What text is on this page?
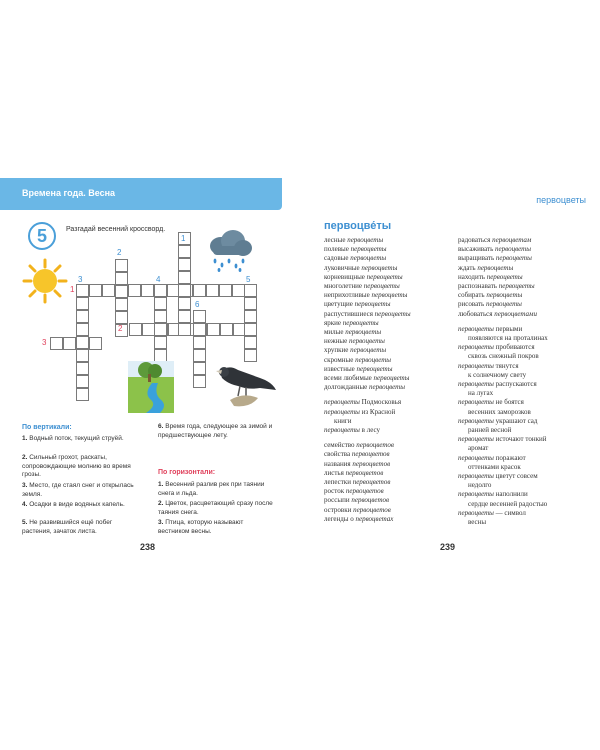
Времена года. Весна
первоцветы
5	Разгадай весенний кроссворд.
1
2
3	4	5
6
1
2
3
По вертикали:
1. Водный поток, текущий струёй.
2. Сильный грохот, раскаты, сопровождающие молнию во время грозы.
3. Место, где стаял снег и открылась земля.
4. Осадки в виде водяных капель.
5. Не развившийся ещё побег растения, зачаток листа.
6. Время года, следующее за зимой и предшествующее лету.
По горизонтали:
1. Весенний разлив рек при таянии снега и льда.
2. Цветок, расцветающий сразу после таяния снега.
3. Птица, которую называют вестником весны.
238
первоцве́ты
лесные первоцветы
полевые первоцветы
садовые первоцветы
луковичные первоцветы
корневищные первоцветы
многолетние первоцветы
неприхотливые первоцветы
цветущие первоцветы
распустившиеся первоцветы
яркие первоцветы
милые первоцветы
нежные первоцветы
хрупкие первоцветы
скромные первоцветы
известные первоцветы
всеми любимые первоцветы
долгожданные первоцветы

первоцветы Подмосковья
первоцветы из Красной
книги
первоцветы в лесу

семейство первоцветов
свойства первоцветов
названия первоцветов
листья первоцветов
лепестки первоцветов
росток первоцветов
россыпи первоцветов
островки первоцветов
легенды о первоцветах
радоваться первоцветам
высаживать первоцветы
выращивать первоцветы
ждать первоцветы
находить первоцветы
распознавать первоцветы
собирать первоцветы
рисовать первоцветы
любоваться первоцветами

первоцветы первыми
появляются на проталинах
первоцветы пробиваются
сквозь снежный покров
первоцветы тянутся
к солнечному свету
первоцветы распускаются
на лугах
первоцветы не боятся
весенних заморозков
первоцветы украшают сад
ранней весной
первоцветы источают тонкий
аромат
первоцветы поражают
оттенками красок
первоцветы цветут совсем
недолго
первоцветы наполнили
сердце весенней радостью
первоцветы — символ
весны
239
